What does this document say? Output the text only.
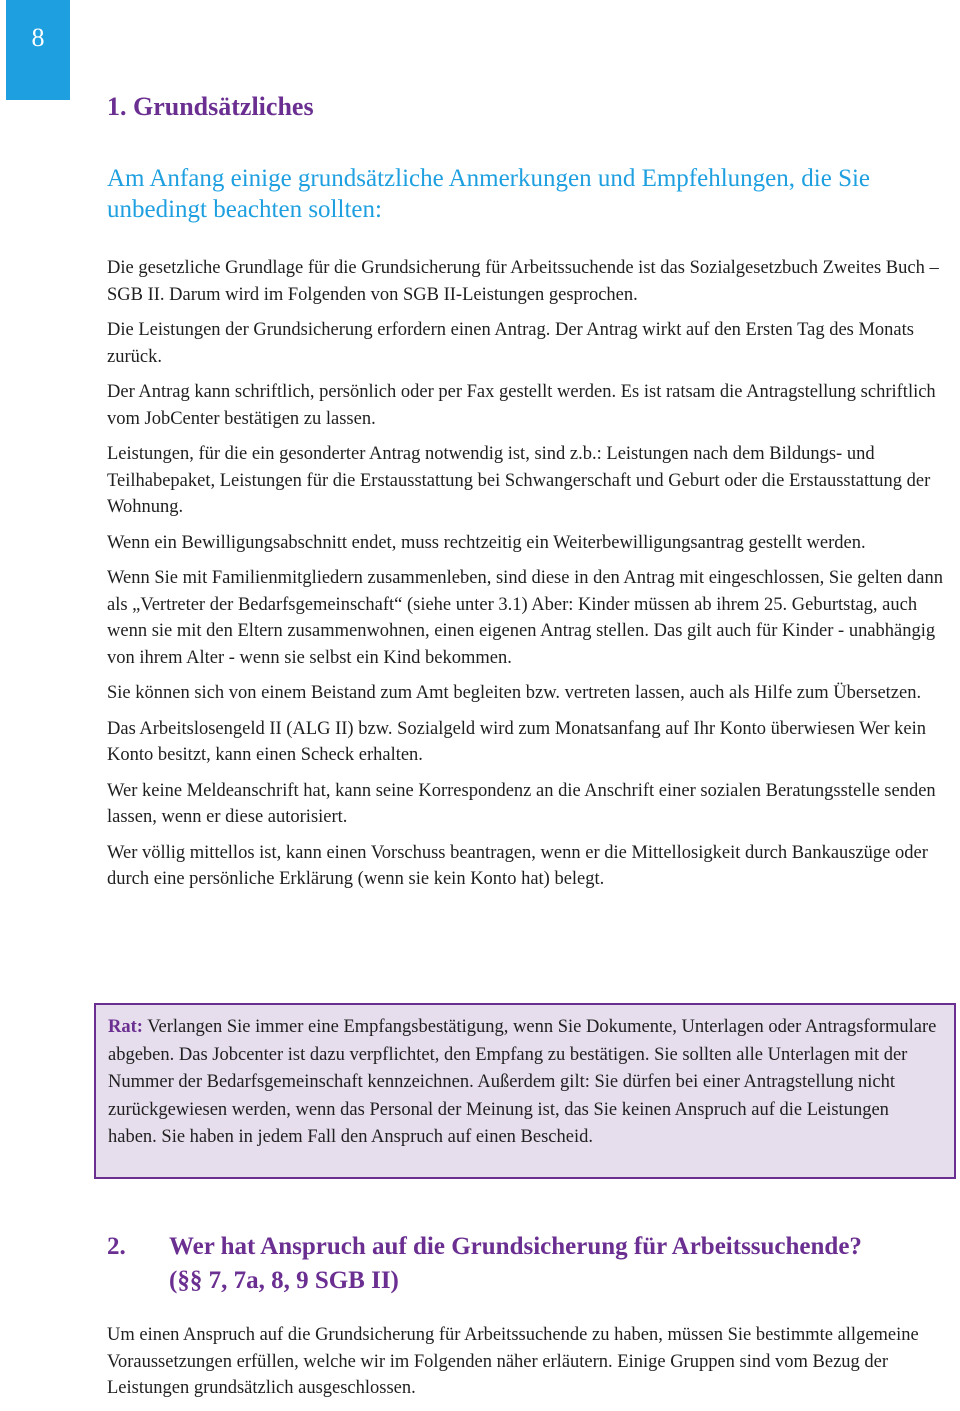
8
1. Grundsätzliches

Am Anfang einige grundsätzliche Anmerkungen und Empfehlungen, die Sie unbedingt beachten sollten:

Die gesetzliche Grundlage für die Grundsicherung für Arbeitssuchende ist das Sozialgesetzbuch Zweites Buch – SGB II. Darum wird im Folgenden von SGB II-Leistungen gesprochen.

Die Leistungen der Grundsicherung erfordern einen Antrag. Der Antrag wirkt auf den Ersten Tag des Monats zurück.

Der Antrag kann schriftlich, persönlich oder per Fax gestellt werden. Es ist ratsam die Antragstellung schriftlich vom JobCenter bestätigen zu lassen.

Leistungen, für die ein gesonderter Antrag notwendig ist, sind z.b.: Leistungen nach dem Bildungs- und Teilhabepaket, Leistungen für die Erstausstattung bei Schwangerschaft und Geburt oder die Erstausstattung der Wohnung.

Wenn ein Bewilligungsabschnitt endet, muss rechtzeitig ein Weiterbewilligungsantrag gestellt werden.

Wenn Sie mit Familienmitgliedern zusammenleben, sind diese in den Antrag mit eingeschlossen, Sie gelten dann als „Vertreter der Bedarfsgemeinschaft“ (siehe unter 3.1) Aber: Kinder müssen ab ihrem 25. Geburtstag, auch wenn sie mit den Eltern zusammenwohnen, einen eigenen Antrag stellen. Das gilt auch für Kinder - unabhängig von ihrem Alter - wenn sie selbst ein Kind bekommen.

Sie können sich von einem Beistand zum Amt begleiten bzw. vertreten lassen, auch als Hilfe zum Übersetzen.

Das Arbeitslosengeld II (ALG II) bzw. Sozialgeld wird zum Monatsanfang auf Ihr Konto überwiesen Wer kein Konto besitzt, kann einen Scheck erhalten.

Wer keine Meldeanschrift hat, kann seine Korrespondenz an die Anschrift einer sozialen Beratungsstelle senden lassen, wenn er diese autorisiert.

Wer völlig mittellos ist, kann einen Vorschuss beantragen, wenn er die Mittellosigkeit durch Bankauszüge oder durch eine persönliche Erklärung (wenn sie kein Konto hat) belegt.

Rat: Verlangen Sie immer eine Empfangsbestätigung, wenn Sie Dokumente, Unterlagen oder Antragsformulare abgeben. Das Jobcenter ist dazu verpflichtet, den Empfang zu bestätigen. Sie sollten alle Unterlagen mit der Nummer der Bedarfsgemeinschaft kennzeichnen. Außerdem gilt: Sie dürfen bei einer Antragstellung nicht zurückgewiesen werden, wenn das Personal der Meinung ist, das Sie keinen Anspruch auf die Leistungen haben. Sie haben in jedem Fall den Anspruch auf einen Bescheid.

2. Wer hat Anspruch auf die Grundsicherung für Arbeitssuchende?
(§§ 7, 7a, 8, 9 SGB II)

Um einen Anspruch auf die Grundsicherung für Arbeitssuchende zu haben, müssen Sie bestimmte allgemeine Voraussetzungen erfüllen, welche wir im Folgenden näher erläutern. Einige Gruppen sind vom Bezug der Leistungen grundsätzlich ausgeschlossen.
